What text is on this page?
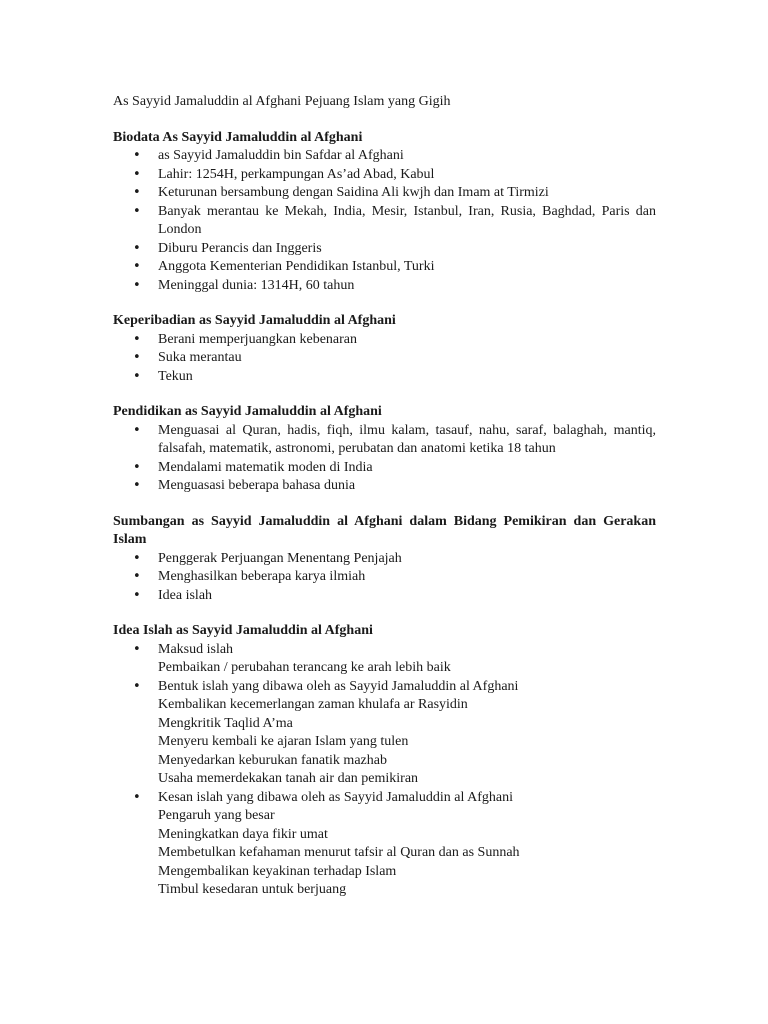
As Sayyid Jamaluddin al Afghani Pejuang Islam yang Gigih
Biodata As Sayyid Jamaluddin al Afghani
• as Sayyid Jamaluddin bin Safdar al Afghani
• Lahir: 1254H, perkampungan As’ad Abad, Kabul
• Keturunan bersambung dengan Saidina Ali kwjh dan Imam at Tirmizi
• Banyak merantau ke Mekah, India, Mesir, Istanbul, Iran, Rusia, Baghdad, Paris dan London
• Diburu Perancis dan Inggeris
• Anggota Kementerian Pendidikan Istanbul, Turki
• Meninggal dunia: 1314H, 60 tahun
Keperibadian as Sayyid Jamaluddin al Afghani
• Berani memperjuangkan kebenaran
• Suka merantau
• Tekun
Pendidikan as Sayyid Jamaluddin al Afghani
• Menguasai al Quran, hadis, fiqh, ilmu kalam, tasauf, nahu, saraf, balaghah, mantiq, falsafah, matematik, astronomi, perubatan dan anatomi ketika 18 tahun
• Mendalami matematik moden di India
• Menguasasi beberapa bahasa dunia
Sumbangan as Sayyid Jamaluddin al Afghani dalam Bidang Pemikiran dan Gerakan Islam
• Penggerak Perjuangan Menentang Penjajah
• Menghasilkan beberapa karya ilmiah
• Idea islah
Idea Islah as Sayyid Jamaluddin al Afghani
• Maksud islah
Pembaikan / perubahan terancang ke arah lebih baik
• Bentuk islah yang dibawa oleh as Sayyid Jamaluddin al Afghani
Kembalikan kecemerlangan zaman khulafa ar Rasyidin
Mengkritik Taqlid A’ma
Menyeru kembali ke ajaran Islam yang tulen
Menyedarkan keburukan fanatik mazhab
Usaha memerdekakan tanah air dan pemikiran
• Kesan islah yang dibawa oleh as Sayyid Jamaluddin al Afghani
Pengaruh yang besar
Meningkatkan daya fikir umat
Membetulkan kefahaman menurut tafsir al Quran dan as Sunnah
Mengembalikan keyakinan terhadap Islam
Timbul kesedaran untuk berjuang
